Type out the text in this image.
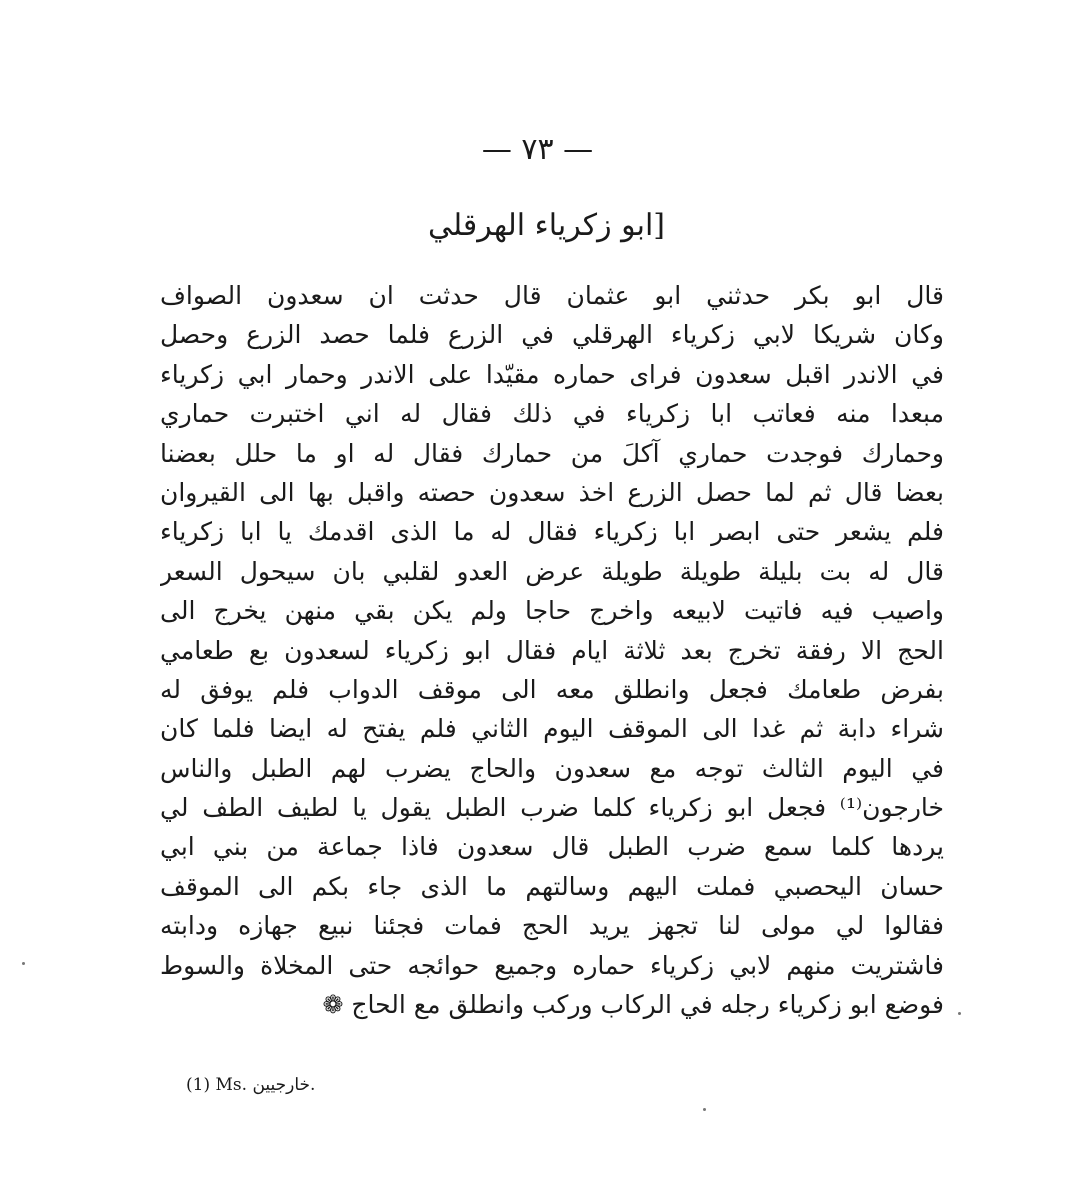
— ٧٣ —
[ابو زكرياء الهرقلي
قال ابو بكر حدثني ابو عثمان قال حدثت ان سعدون الصواف
وكان شريكا لابي زكرياء الهرقلي في الزرع فلما حصد الزرع وحصل
في الاندر اقبل سعدون فراى حماره مقيّدا على الاندر وحمار ابي زكرياء
مبعدا منه فعاتب ابا زكرياء في ذلك فقال له اني اختبرت حماري
وحمارك فوجدت حماري آكلَ من حمارك فقال له او ما حلل بعضنا
بعضا قال ثم لما حصل الزرع اخذ سعدون حصته واقبل بها الى القيروان
فلم يشعر حتى ابصر ابا زكرياء فقال له ما الذى اقدمك يا ابا زكرياء
قال له بت بليلة طويلة طويلة عرض العدو لقلبي بان سيحول السعر
واصيب فيه فاتيت لابيعه واخرج حاجا ولم يكن بقي منهن يخرج الى
الحج الا رفقة تخرج بعد ثلاثة ايام فقال ابو زكرياء لسعدون بع طعامي
بفرض طعامك فجعل وانطلق معه الى موقف الدواب فلم يوفق له
شراء دابة ثم غدا الى الموقف اليوم الثاني فلم يفتح له ايضا فلما كان
في اليوم الثالث توجه مع سعدون والحاج يضرب لهم الطبل والناس
خارجون⁽¹⁾ فجعل ابو زكرياء كلما ضرب الطبل يقول يا لطيف الطف لي
يردها كلما سمع ضرب الطبل قال سعدون فاذا جماعة من بني ابي
حسان اليحصبي فملت اليهم وسالتهم ما الذى جاء بكم الى الموقف
فقالوا لي مولى لنا تجهز يريد الحج فمات فجئنا نبيع جهازه ودابته
فاشتريت منهم لابي زكرياء حماره وجميع حوائجه حتى المخلاة والسوط
فوضع ابو زكرياء رجله في الركاب وركب وانطلق مع الحاج ❁
(1) Ms. خارجيين.
